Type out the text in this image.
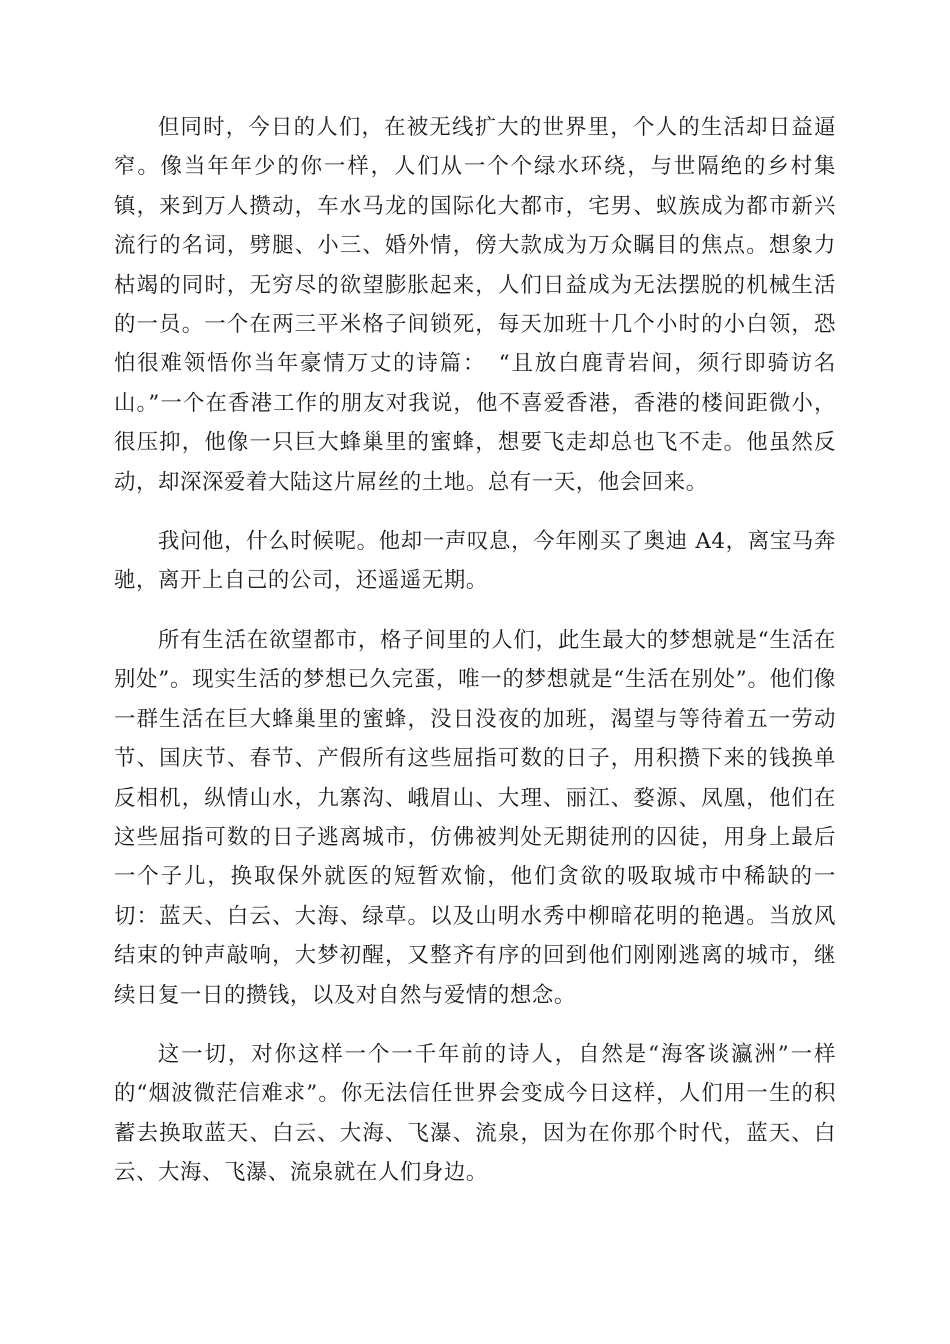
但同时，今日的人们，在被无线扩大的世界里，个人的生活却日益逼窄。像当年年少的你一样，人们从一个个绿水环绕，与世隔绝的乡村集镇，来到万人攒动，车水马龙的国际化大都市，宅男、蚁族成为都市新兴流行的名词，劈腿、小三、婚外情，傍大款成为万众瞩目的焦点。想象力枯竭的同时，无穷尽的欲望膨胀起来，人们日益成为无法摆脱的机械生活的一员。一个在两三平米格子间锁死，每天加班十几个小时的小白领，恐怕很难领悟你当年豪情万丈的诗篇：　“且放白鹿青岩间，须行即骑访名山。”一个在香港工作的朋友对我说，他不喜爱香港，香港的楼间距微小，很压抑，他像一只巨大蜂巢里的蜜蜂，想要飞走却总也飞不走。他虽然反动，却深深爱着大陆这片屌丝的土地。总有一天，他会回来。

我问他，什么时候呢。他却一声叹息，今年刚买了奥迪 A4，离宝马奔驰，离开上自己的公司，还遥遥无期。

所有生活在欲望都市，格子间里的人们，此生最大的梦想就是“生活在别处”。现实生活的梦想已久完蛋，唯一的梦想就是“生活在别处”。他们像一群生活在巨大蜂巢里的蜜蜂，没日没夜的加班，渴望与等待着五一劳动节、国庆节、春节、产假所有这些屈指可数的日子，用积攒下来的钱换单反相机，纵情山水，九寨沟、峨眉山、大理、丽江、婺源、凤凰，他们在这些屈指可数的日子逃离城市，仿佛被判处无期徒刑的囚徒，用身上最后一个子儿，换取保外就医的短暂欢愉，他们贪欲的吸取城市中稀缺的一切：蓝天、白云、大海、绿草。以及山明水秀中柳暗花明的艳遇。当放风结束的钟声敲响，大梦初醒，又整齐有序的回到他们刚刚逃离的城市，继续日复一日的攒钱，以及对自然与爱情的想念。

这一切，对你这样一个一千年前的诗人，自然是“海客谈瀛洲”一样的“烟波微茫信难求”。你无法信任世界会变成今日这样，人们用一生的积蓄去换取蓝天、白云、大海、飞瀑、流泉，因为在你那个时代，蓝天、白云、大海、飞瀑、流泉就在人们身边。
